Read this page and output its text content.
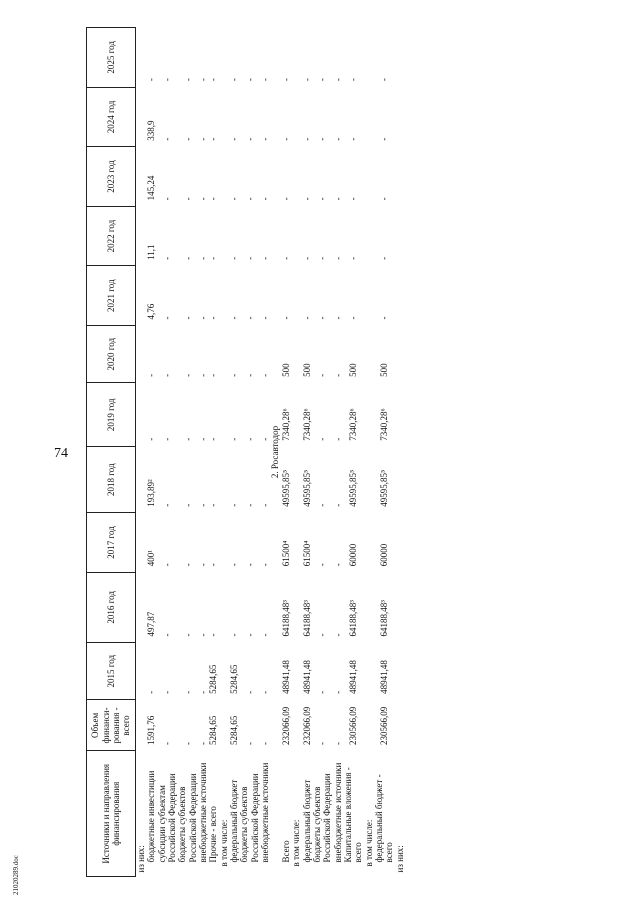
74
Источники и направления финансирования	Объем финанси-рования - всего	2015 год	2016 год	2017 год	2018 год	2019 год	2020 год	2021 год	2022 год	2023 год	2024 год	2025 год
из них:												
бюджетные инвестиции	1591,76	-	497,87	400¹	193,89²	-	-	4,76	11,1	145,24	338,9	-
субсидии субъектам Российской Федерации	-	-	-	-	-	-	-	-	-	-	-	-
бюджеты субъектов Российской Федерации	-	-	-	-	-	-	-	-	-	-	-	-
внебюджетные источники	-	-	-	-	-	-	-	-	-	-	-	-
Прочие - всего	5284,65	5284,65	-	-	-	-	-	-	-	-	-	-
в том числе:												
федеральный бюджет	5284,65	5284,65	-	-	-	-	-	-	-	-	-	-
бюджеты субъектов Российской Федерации	-	-	-	-	-	-	-	-	-	-	-	-
внебюджетные источники	-	-	-	-	-	-	-	-	-	-	-	-
2. Росавтодор												
Всего	232066,09	48941,48	64188,48³	61500⁴	49595,85⁵	7340,28⁶	500	-	-	-	-	-
в том числе:												
федеральный бюджет	232066,09	48941,48	64188,48³	61500⁴	49595,85⁵	7340,28⁶	500	-	-	-	-	-
бюджеты субъектов Российской Федерации	-	-	-	-	-	-	-	-	-	-	-	-
внебюджетные источники	-	-	-	-	-	-	-	-	-	-	-	-
Капитальные вложения - всего	230566,09	48941,48	64188,48³	60000	49595,85⁵	7340,28⁶	500	-	-	-	-	-
в том числе:												
федеральный бюджет - всего	230566,09	48941,48	64188,48³	60000	49595,85⁵	7340,28⁶	500	-	-	-	-	-
из них:												
21020289.doc
